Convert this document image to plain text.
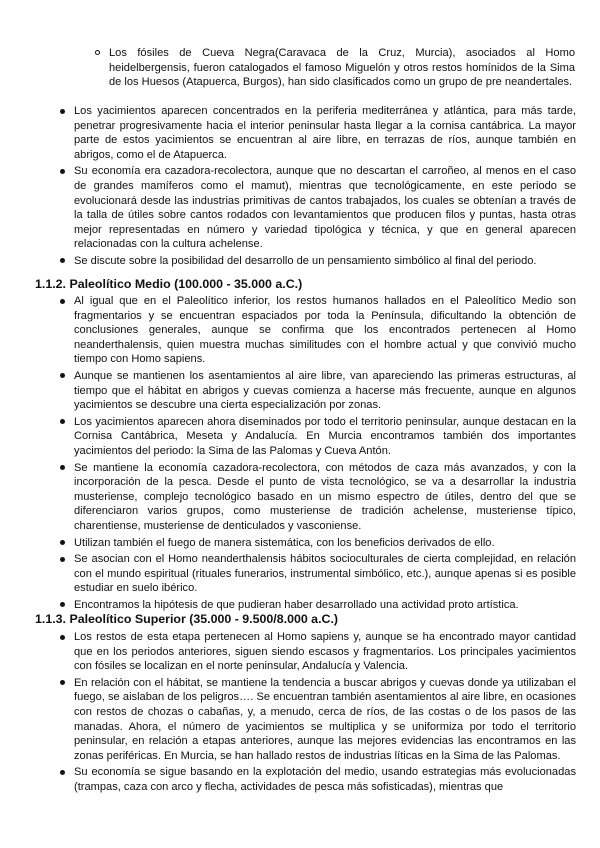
Los fósiles de Cueva Negra(Caravaca de la Cruz, Murcia), asociados al Homo heidelbergensis, fueron catalogados el famoso Miguelón y otros restos homínidos de la Sima de los Huesos (Atapuerca, Burgos), han sido clasificados como un grupo de pre neandertales.
Los yacimientos aparecen concentrados en la periferia mediterránea y atlántica, para más tarde, penetrar progresivamente hacia el interior peninsular hasta llegar a la cornisa cantábrica. La mayor parte de estos yacimientos se encuentran al aire libre, en terrazas de ríos, aunque también en abrigos, como el de Atapuerca.
Su economía era cazadora-recolectora, aunque que no descartan el carroñeo, al menos en el caso de grandes mamíferos como el mamut), mientras que tecnológicamente, en este periodo se evolucionará desde las industrias primitivas de cantos trabajados, los cuales se obtenían a través de la talla de útiles sobre cantos rodados con levantamientos que producen filos y puntas, hasta otras mejor representadas en número y variedad tipológica y técnica, y que en general aparecen relacionadas con la cultura achelense.
Se discute sobre la posibilidad del desarrollo de un pensamiento simbólico al final del periodo.
1.1.2. Paleolítico Medio (100.000 - 35.000 a.C.)
Al igual que en el Paleolítico inferior, los restos humanos hallados en el Paleolítico Medio son fragmentarios y se encuentran espaciados por toda la Península, dificultando la obtención de conclusiones generales, aunque se confirma que los encontrados pertenecen al Homo neanderthalensis, quien muestra muchas similitudes con el hombre actual y que convivió mucho tiempo con Homo sapiens.
Aunque se mantienen los asentamientos al aire libre, van apareciendo las primeras estructuras, al tiempo que el hábitat en abrigos y cuevas comienza a hacerse más frecuente, aunque en algunos yacimientos se descubre una cierta especialización por zonas.
Los yacimientos aparecen ahora diseminados por todo el territorio peninsular, aunque destacan en la Cornisa Cantábrica, Meseta y Andalucía. En Murcia encontramos también dos importantes yacimientos del periodo: la Sima de las Palomas y Cueva Antón.
Se mantiene la economía cazadora-recolectora, con métodos de caza más avanzados, y con la incorporación de la pesca. Desde el punto de vista tecnológico, se va a desarrollar la industria musteriense, complejo tecnológico basado en un mismo espectro de útiles, dentro del que se diferenciaron varios grupos, como musteriense de tradición achelense, musteriense típico, charentiense, musteriense de denticulados y vasconiense.
Utilizan también el fuego de manera sistemática, con los beneficios derivados de ello.
Se asocian con el Homo neanderthalensis hábitos socioculturales de cierta complejidad, en relación con el mundo espiritual (rituales funerarios, instrumental simbólico, etc.), aunque apenas si es posible estudiar en suelo ibérico.
Encontramos la hipótesis de que pudieran haber desarrollado una actividad proto artística.
1.1.3. Paleolítico Superior (35.000 - 9.500/8.000 a.C.)
Los restos de esta etapa pertenecen al Homo sapiens y, aunque se ha encontrado mayor cantidad que en los periodos anteriores, siguen siendo escasos y fragmentarios. Los principales yacimientos con fósiles se localizan en el norte peninsular, Andalucía y Valencia.
En relación con el hábitat, se mantiene la tendencia a buscar abrigos y cuevas donde ya utilizaban el fuego, se aislaban de los peligros…. Se encuentran también asentamientos al aire libre, en ocasiones con restos de chozas o cabañas, y, a menudo, cerca de ríos, de las costas o de los pasos de las manadas. Ahora, el número de yacimientos se multiplica y se uniformiza por todo el territorio peninsular, en relación a etapas anteriores, aunque las mejores evidencias las encontramos en las zonas periféricas. En Murcia, se han hallado restos de industrias líticas en la Sima de las Palomas.
Su economía se sigue basando en la explotación del medio, usando estrategias más evolucionadas (trampas, caza con arco y flecha, actividades de pesca más sofisticadas), mientras que
